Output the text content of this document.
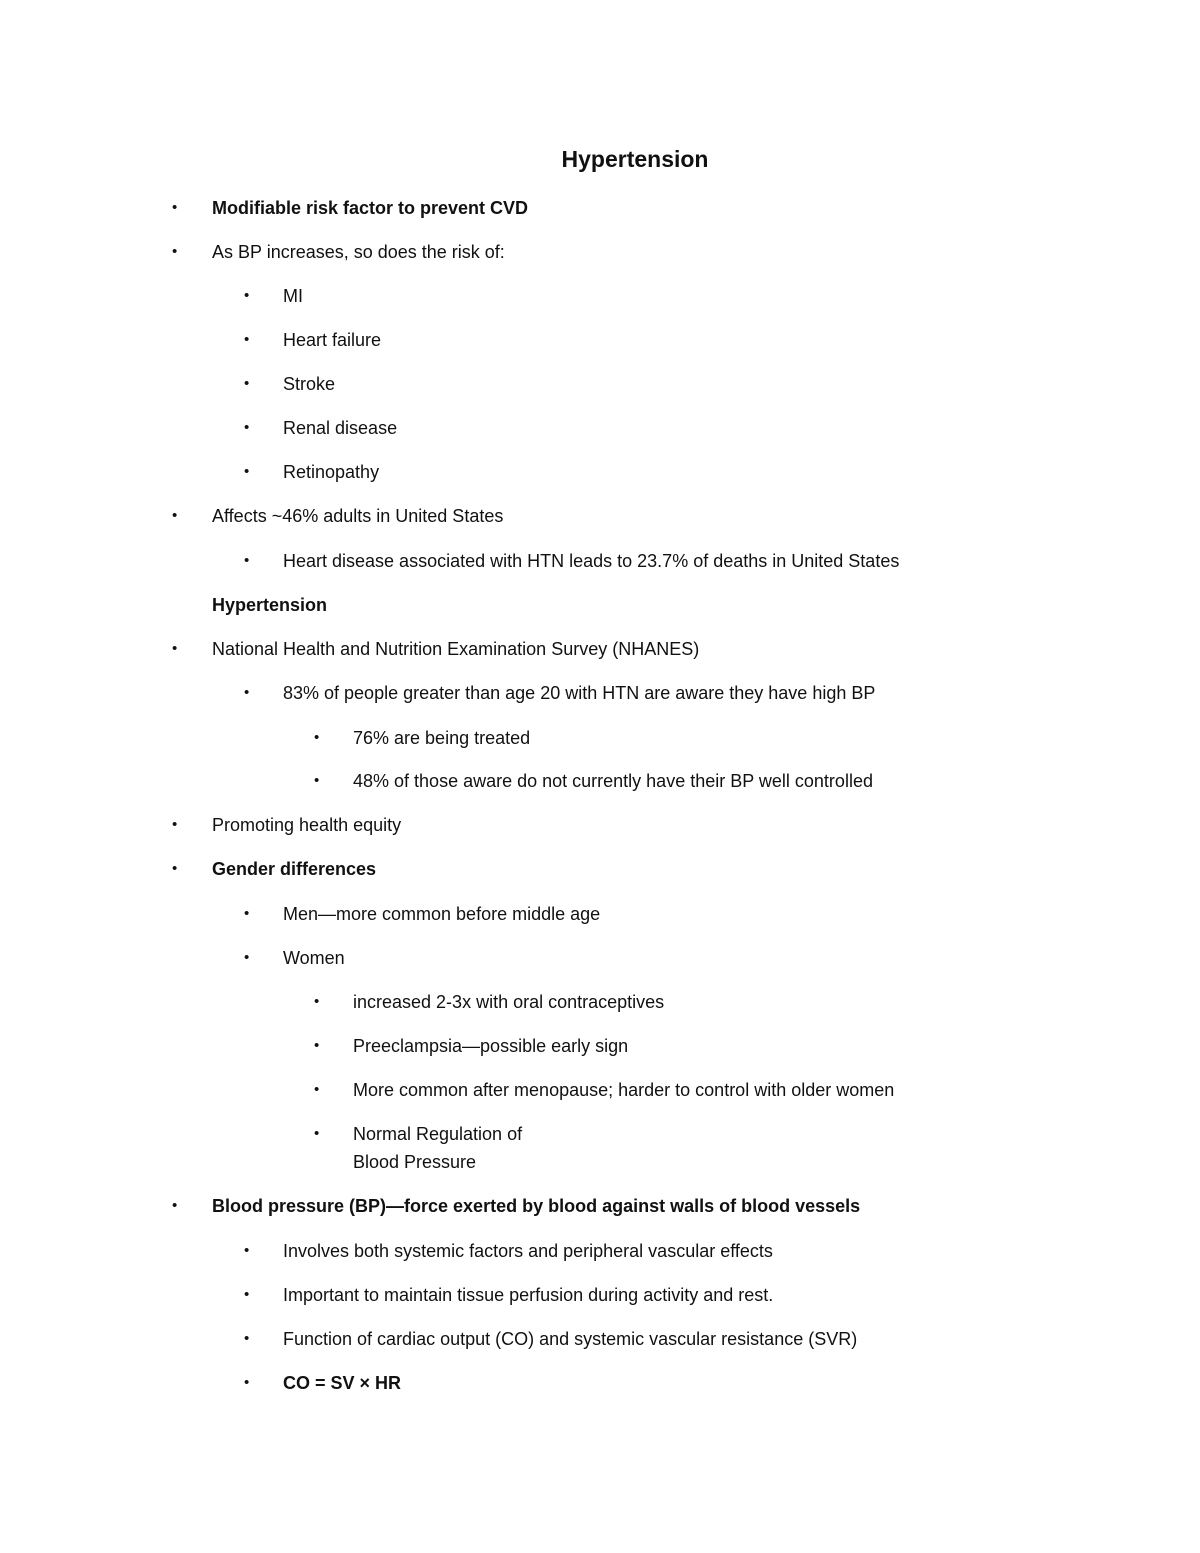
Hypertension
• Modifiable risk factor to prevent CVD
• As BP increases, so does the risk of:
• MI
• Heart failure
• Stroke
• Renal disease
• Retinopathy
• Affects ~46% adults in United States
• Heart disease associated with HTN leads to 23.7% of deaths in United States
Hypertension
• National Health and Nutrition Examination Survey (NHANES)
• 83% of people greater than age 20 with HTN are aware they have high BP
• 76% are being treated
• 48% of those aware do not currently have their BP well controlled
• Promoting health equity
• Gender differences
• Men—more common before middle age
• Women
• increased 2-3x with oral contraceptives
• Preeclampsia—possible early sign
• More common after menopause; harder to control with older women
• Normal Regulation of
Blood Pressure
• Blood pressure (BP)—force exerted by blood against walls of blood vessels
• Involves both systemic factors and peripheral vascular effects
• Important to maintain tissue perfusion during activity and rest.
• Function of cardiac output (CO) and systemic vascular resistance (SVR)
• CO = SV × HR
